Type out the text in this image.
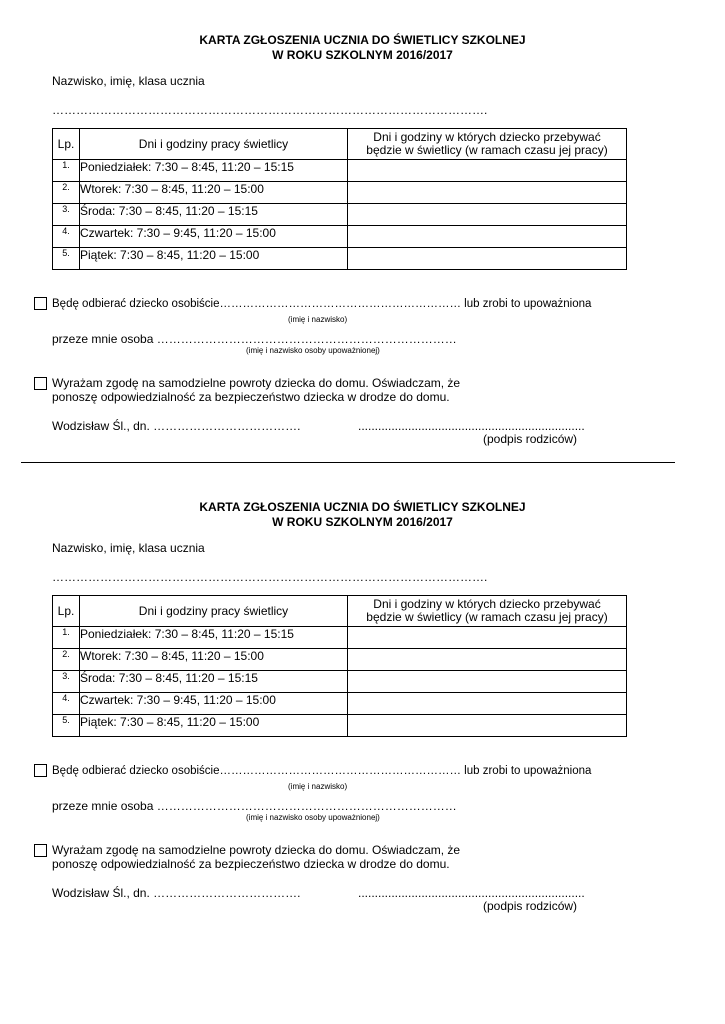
KARTA ZGŁOSZENIA UCZNIA DO ŚWIETLICY SZKOLNEJ
W ROKU SZKOLNYM 2016/2017
Nazwisko, imię, klasa ucznia
……………………………………………………………………………………………….
Lp.	Dni i godziny pracy świetlicy	Dni i godziny w których dziecko przebywać
będzie w świetlicy (w ramach czasu jej pracy)

1.	Poniedziałek: 7:30 – 8:45, 11:20 – 15:15	
2.	Wtorek: 7:30 – 8:45, 11:20 – 15:00	
3.	Środa: 7:30 – 8:45, 11:20 – 15:15	
4.	Czwartek: 7:30 – 9:45, 11:20 – 15:00	
5.	Piątek: 7:30 – 8:45, 11:20 – 15:00	
Będę odbierać dziecko osobiście……………………………………………………… lub zrobi to upoważniona
(imię i nazwisko)
przeze mnie osoba …………………………………………………………………
(imię i nazwisko osoby upoważnionej)
Wyrażam zgodę na samodzielne powroty dziecka do domu. Oświadczam, że
ponoszę odpowiedzialność za bezpieczeństwo dziecka w drodze do domu.
Wodzisław Śl., dn. ……………………………….	....................................................................
(podpis rodziców)
KARTA ZGŁOSZENIA UCZNIA DO ŚWIETLICY SZKOLNEJ
W ROKU SZKOLNYM 2016/2017
Nazwisko, imię, klasa ucznia
……………………………………………………………………………………………….
Lp.	Dni i godziny pracy świetlicy	Dni i godziny w których dziecko przebywać
będzie w świetlicy (w ramach czasu jej pracy)

1.	Poniedziałek: 7:30 – 8:45, 11:20 – 15:15	
2.	Wtorek: 7:30 – 8:45, 11:20 – 15:00	
3.	Środa: 7:30 – 8:45, 11:20 – 15:15	
4.	Czwartek: 7:30 – 9:45, 11:20 – 15:00	
5.	Piątek: 7:30 – 8:45, 11:20 – 15:00	
Będę odbierać dziecko osobiście……………………………………………………… lub zrobi to upoważniona
(imię i nazwisko)
przeze mnie osoba …………………………………………………………………
(imię i nazwisko osoby upoważnionej)
Wyrażam zgodę na samodzielne powroty dziecka do domu. Oświadczam, że
ponoszę odpowiedzialność za bezpieczeństwo dziecka w drodze do domu.
Wodzisław Śl., dn. ……………………………….	....................................................................
(podpis rodziców)
